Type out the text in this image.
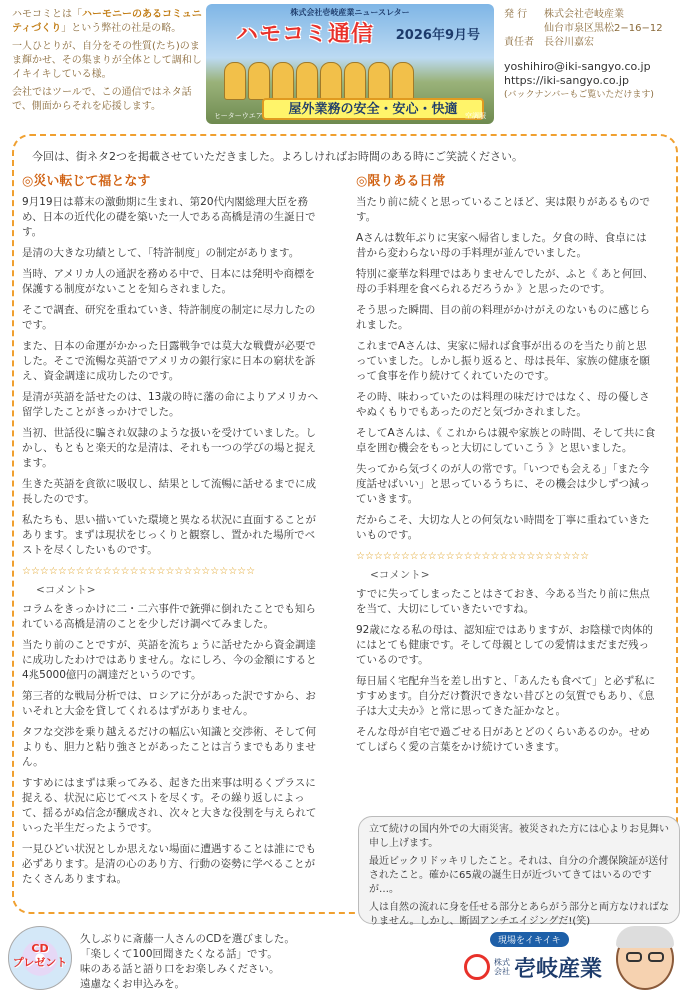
ハモコミとは「ハーモニーのあるコミュニティづくり」という弊社の社是の略。

一人ひとりが、自分をその性質(たち)のまま輝かせ、その集まりが全体として調和しイキイキしている様。

会社ではツールで、この通信ではネタ話で、側面からそれを応援します。

株式会社壱岐産業ニュースレター
ハモコミ通信 2026年9月号
屋外業務の安全・安心・快適
ヒーターウエア	空調服
発 行	株式会社壱岐産業
仙台市泉区黒松2−16−12
責任者	長谷川嘉宏
yoshihiro@iki-sangyo.co.jp
https://iki-sangyo.co.jp
(バックナンバーもご覧いただけます)
今回は、街ネタ2つを掲載させていただきました。よろしければお時間のある時にご笑読ください。
◎災い転じて福となす

9月19日は幕末の激動期に生まれ、第20代内閣総理大臣を務め、日本の近代化の礎を築いた一人である高橋是清の生誕日です。

是清の大きな功績として、「特許制度」の制定があります。

当時、アメリカ人の通訳を務める中で、日本には発明や商標を保護する制度がないことを知らされました。

そこで調査、研究を重ねていき、特許制度の制定に尽力したのです。

また、日本の命運がかかった日露戦争では莫大な戦費が必要でした。そこで流暢な英語でアメリカの銀行家に日本の窮状を訴え、資金調達に成功したのです。

是清が英語を話せたのは、13歳の時に藩の命によりアメリカへ留学したことがきっかけでした。

当初、世話役に騙され奴隷のような扱いを受けていました。しかし、もともと楽天的な是清は、それも一つの学びの場と捉えます。

生きた英語を貪欲に吸収し、結果として流暢に話せるまでに成長したのです。

私たちも、思い描いていた環境と異なる状況に直面することがあります。まずは現状をじっくりと観察し、置かれた場所でベストを尽くしたいものです。

☆☆☆☆☆☆☆☆☆☆☆☆☆☆☆☆☆☆☆☆☆☆☆☆☆☆
<コメント>

コラムをきっかけに二・二六事件で銃弾に倒れたことでも知られている高橋是清のことを少しだけ調べてみました。

当たり前のことですが、英語を流ちょうに話せたから資金調達に成功したわけではありません。なにしろ、今の金額にすると4兆5000億円の調達だというのです。

第三者的な戦局分析では、ロシアに分があった訳ですから、おいそれと大金を貸してくれるはずがありません。

タフな交渉を乗り越えるだけの幅広い知識と交渉術、そして何よりも、胆力と粘り強さとがあったことは言うまでもありません。

すすめにはまずは乗ってみる、起きた出来事は明るくプラスに捉える、状況に応じてベストを尽くす。その繰り返しによって、揺るがぬ信念が醸成され、次々と大きな役割を与えられていった半生だったようです。

一見ひどい状況としか思えない場面に遭遇することは誰にでも必ずあります。是清の心のあり方、行動の姿勢に学べることがたくさんありますね。

◎限りある日常

当たり前に続くと思っていることほど、実は限りがあるものです。

Aさんは数年ぶりに実家へ帰省しました。夕食の時、食卓には昔から変わらない母の手料理が並んでいました。

特別に豪華な料理ではありませんでしたが、ふと《 あと何回、母の手料理を食べられるだろうか 》と思ったのです。

そう思った瞬間、目の前の料理がかけがえのないものに感じられました。

これまでAさんは、実家に帰れば食事が出るのを当たり前と思っていました。しかし振り返ると、母は長年、家族の健康を願って食事を作り続けてくれていたのです。

その時、味わっていたのは料理の味だけではなく、母の優しさやぬくもりでもあったのだと気づかされました。

そしてAさんは、《 これからは親や家族との時間、そして共に食卓を囲む機会をもっと大切にしていこう 》と思いました。

失ってから気づくのが人の常です。「いつでも会える」「また今度話せばいい」と思っているうちに、その機会は少しずつ減っていきます。

だからこそ、大切な人との何気ない時間を丁寧に重ねていきたいものです。

☆☆☆☆☆☆☆☆☆☆☆☆☆☆☆☆☆☆☆☆☆☆☆☆☆☆
<コメント>

すでに失ってしまったことはさておき、今ある当たり前に焦点を当て、大切にしていきたいですね。

92歳になる私の母は、認知症ではありますが、お陰様で肉体的にはとても健康です。そして母親としての愛情はまだまだ残っているのです。

毎日届く宅配弁当を差し出すと、「あんたも食べて」と必ず私にすすめます。自分だけ贅沢できない昔びとの気質でもあり、《息子は大丈夫か》と常に思ってきた証かなと。

そんな母が自宅で過ごせる日があとどのくらいあるのか。せめてしばらく愛の言葉をかけ続けていきます。

立て続けの国内外での大雨災害。被災された方には心よりお見舞い申し上げます。

最近ビックリドッキリしたこと。それは、自分の介護保険証が送付されたこと。確かに65歳の誕生日が近づいてきてはいるのですが…。

人は自然の流れに身を任せる部分とあらがう部分と両方なければなりません。しかし、断固アンチエイジングだ!(笑)

CD
プレゼント
久しぶりに斎藤一人さんのCDを選びました。
「楽しくて100回聞きたくなる話」です。
味のある話と語り口をお楽しみください。
遠慮なくお申込みを。
現場をイキイキ
株式会社 壱岐産業
